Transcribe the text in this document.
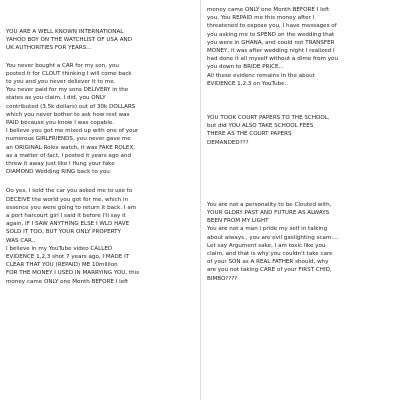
YOU ARE A WELL KNOWN INTERNATIONAL
YAHOO BOY ON THE WATCHLIST OF USA AND
UK AUTHORITIES FOR YEARS...

You never bought a CAR for my son, you
posted it for CLOUT thinking I will come back
to you and you never deliever it to me.
You never paid for my sons DELIVERY in the
states as you claim, I did, you ONLY
contributed (3.5k dollars) out of 30k DOLLARS
which you never bother to ask how rest was
PAID because you know I was copable.
I believe you got me mixed up with one of your
numerous GIRLFRIENDS, you never gave me
an ORIGINAL Rolex watch, it was FAKE ROLEX,
as a matter of fact, I posted it years ago and
threw it away just like I flung your fake
DIAMOND Wedding RING back to you.

Oo yes, I sold the car you asked me to use to
DECEIVE the world you got for me, which in
essence you were going to return it back. I am
a port harcourt girl I said it before I'll say it
again, IF I SAW ANYTHING ELSE I WLD HAVE
SOLD IT TOO, BUT YOUR ONLY PROPERTY
WAS CAR..
I believe in my YouTube video CALLED
EVIDENCE 1,2,3 shot 7 years ago, I MADE IT
CLEAR THAT YOU (REPAID) ME 10million
FOR THE MONEY I USED IN MARRYING YOU, this
money came ONLY one Month BEFORE I left

money came ONLY one Month BEFORE I left
you. You REPAID me this money after I
threatened to expose you, I have messages of
you asking me to SPEND on the wedding that
you were in GHANA, and could not TRANSFER
MONEY, it was after wedding night I realized I
had done it all myself without a dime from you
you down to BRIDE PRICE...
All these evidenc remains in the about
EVIDENCE 1,2,3 on YouTube..

YOU TOOK COURT PAPERS TO THE SCHOOL,
but did YOU ALSO TAKE SCHOOL FEES
THERE AS THE COURT PAPERS
DEMANDED???

You are not a personality to be Clouted with,
YOUR GLORY PAST AND FUTURE AS ALWAYS
BEEN FROM MY LIGHT
You are not a man i pride my self in talking
about always , you are evil gaslighting scam....
Let say Argument sake, I am toxic like you
claim, and that is why you couldn't take care
of your SON as A REAL FATHER should, why
are you not taking CARE of your FIRST CHID,
BIMBO????
